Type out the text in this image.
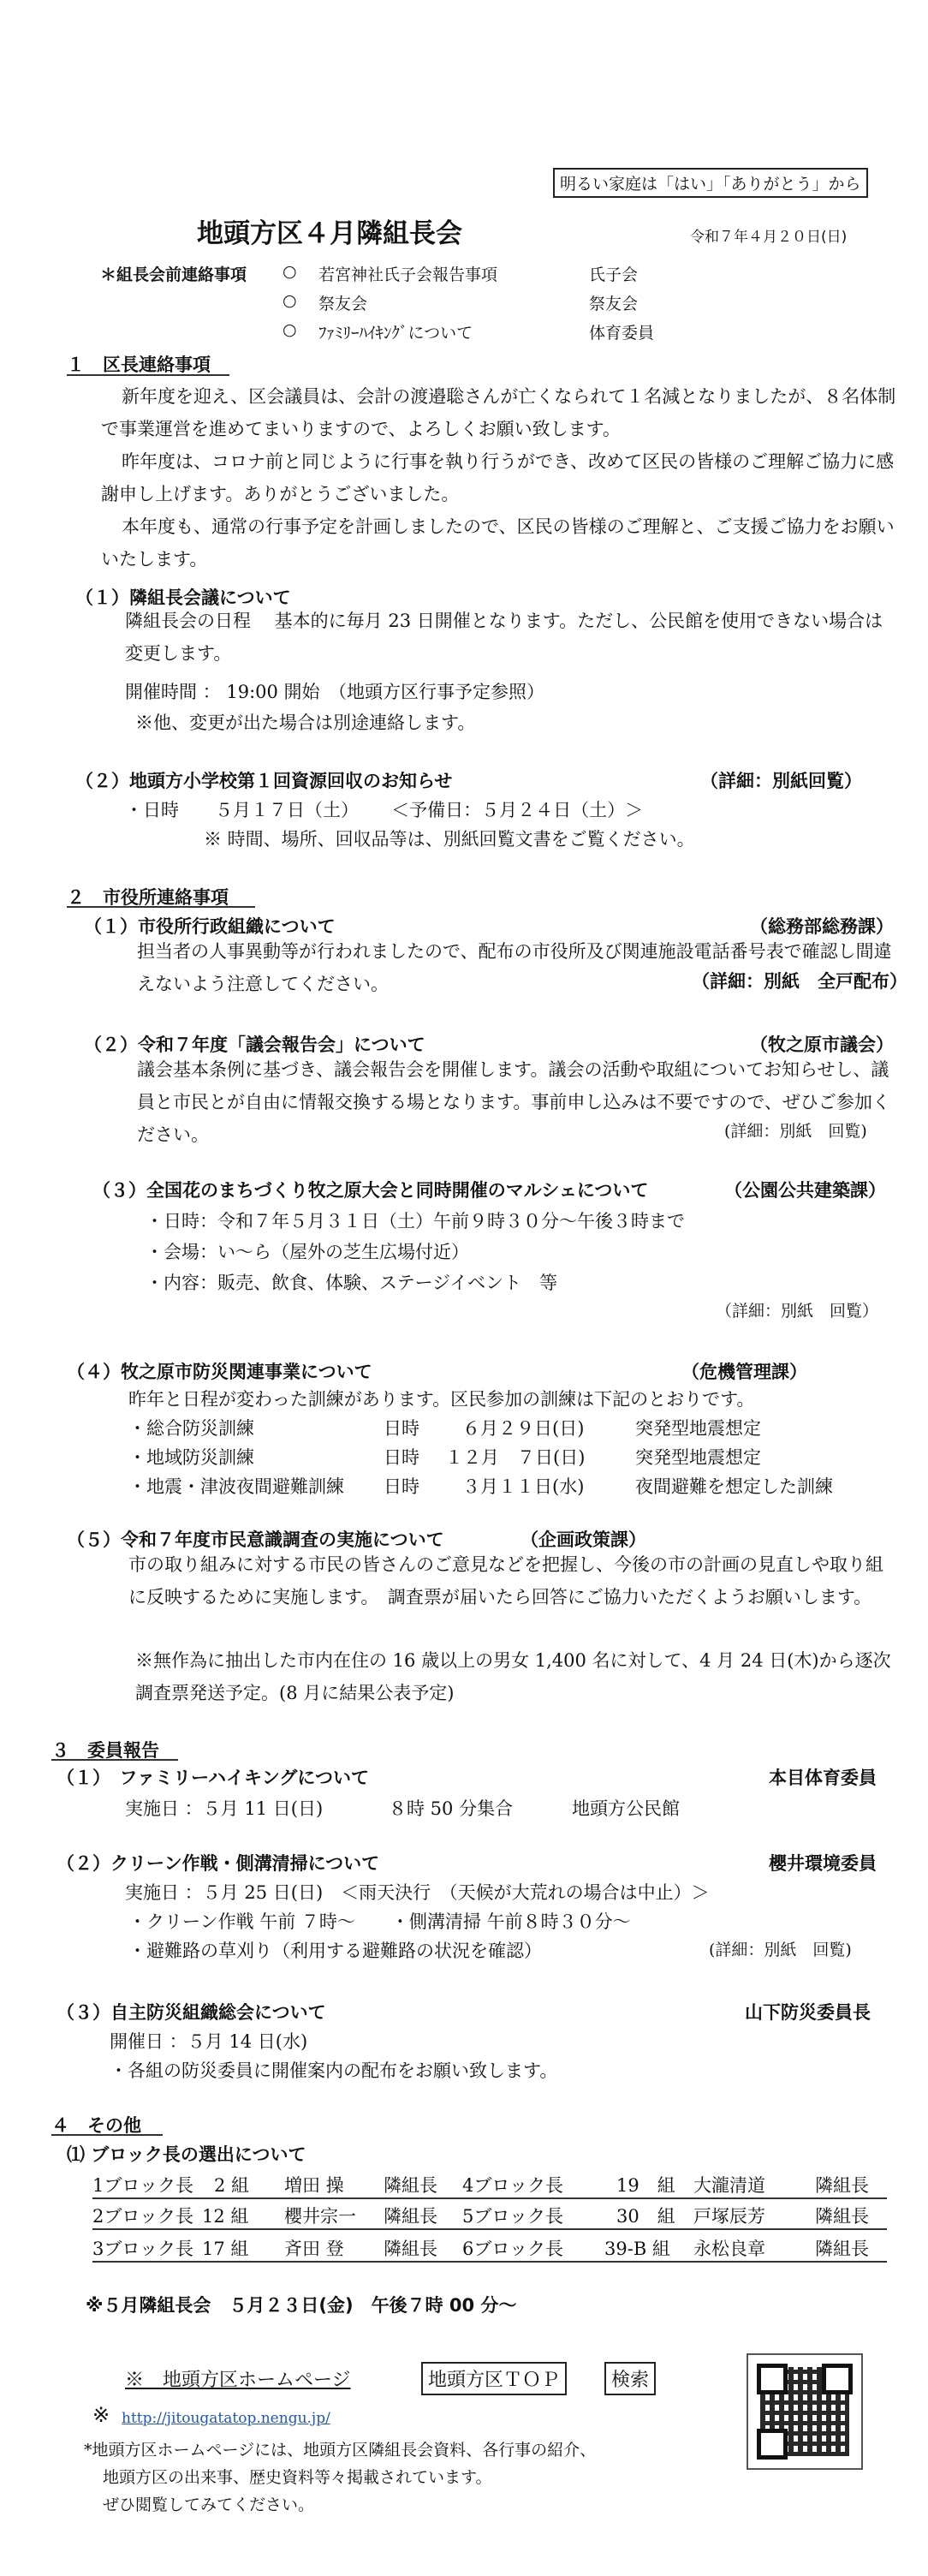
明るい家庭は「はい」「ありがとう」から
地頭方区４月隣組長会	令和７年４月２０日(日)
＊組長会前連絡事項 ○ 若宮神社氏子会報告事項	氏子会
○ 祭友会	祭友会
○ ﾌｧﾐﾘｰﾊｲｷﾝｸﾞについて	体育委員
１　区長連絡事項
新年度を迎え、区会議員は、会計の渡邉聡さんが亡くなられて１名減となりましたが、８名体制で事業運営を進めてまいりますので、よろしくお願い致します。
昨年度は、コロナ前と同じように行事を執り行うができ、改めて区民の皆様のご理解ご協力に感謝申し上げます。ありがとうございました。
本年度も、通常の行事予定を計画しましたので、区民の皆様のご理解と、ご支援ご協力をお願いいたします。
（１）隣組長会議について
隣組長会の日程　 基本的に毎月 23 日開催となります。ただし、公民館を使用できない場合は変更します。
開催時間 ： 19:00 開始　（地頭方区行事予定参照）
※他、変更が出た場合は別途連絡します。
（２）地頭方小学校第１回資源回収のお知らせ	（詳細：別紙回覧）
・日時　　５月１７日（土）　　 ＜予備日：５月２４日（土）＞
※ 時間、場所、回収品等は、別紙回覧文書をご覧ください。
２　市役所連絡事項
（１）市役所行政組織について	（総務部総務課）
担当者の人事異動等が行われましたので、配布の市役所及び関連施設電話番号表で確認し間違えないよう注意してください。	（詳細：別紙　全戸配布）
（２）令和７年度「議会報告会」について	（牧之原市議会）
議会基本条例に基づき、議会報告会を開催します。議会の活動や取組についてお知らせし、議員と市民とが自由に情報交換する場となります。事前申し込みは不要ですので、ぜひご参加ください。	(詳細：別紙　回覧)
（３）全国花のまちづくり牧之原大会と同時開催のマルシェについて	（公園公共建築課）
・日時：令和７年５月３１日（土）午前９時３０分～午後３時まで
・会場：い～ら（屋外の芝生広場付近）
・内容：販売、飲食、体験、ステージイベント　等
（詳細：別紙　回覧）
（４）牧之原市防災関連事業について	（危機管理課）
昨年と日程が変わった訓練があります。区民参加の訓練は下記のとおりです。
・総合防災訓練	日時 ６月２９日(日)	突発型地震想定
・地域防災訓練	日時 １２月　７日(日)	突発型地震想定
・地震・津波夜間避難訓練 日時 ３月１１日(水)	夜間避難を想定した訓練
（５）令和７年度市民意識調査の実施について	（企画政策課）
市の取り組みに対する市民の皆さんのご意見などを把握し、今後の市の計画の見直しや取り組に反映するために実施します。　調査票が届いたら回答にご協力いただくようお願いします。
※無作為に抽出した市内在住の 16 歳以上の男女 1,400 名に対して、4 月 24 日(木)から逐次調査票発送予定。(8 月に結果公表予定)
３　委員報告
（１）　ファミリーハイキングについて	本目体育委員
実施日 ：５月 11 日(日)	８時 50 分集合	地頭方公民館
（２）クリーン作戦・側溝清掃について	櫻井環境委員
実施日 ：５月 25 日(日)　＜雨天決行　（天候が大荒れの場合は中止）＞
・クリーン作戦 午前 ７時～　　・側溝清掃 午前８時３０分～
・避難路の草刈り（利用する避難路の状況を確認）	(詳細：別紙　回覧)
（３）自主防災組織総会について	山下防災委員長
開催日 ：５月 14 日(水)
・各組の防災委員に開催案内の配布をお願い致します。
４　その他
⑴ ブロック長の選出について
1ブロック長 2 組 増田 操 隣組長 4ブロック長	19　組 大瀧清道	隣組長
2ブロック長 12 組 櫻井宗一 隣組長 5ブロック長	30　組 戸塚辰芳	隣組長
3ブロック長 17 組 斉田 登 隣組長 6ブロック長 39-B 組 永松良章	隣組長
※５月隣組長会　５月２３日(金)　午後７時 00 分～
※　地頭方区ホームページ	地頭方区ＴＯＰ	検索
※ http://jitougatatop.nengu.jp/
*地頭方区ホームページには、地頭方区隣組長会資料、各行事の紹介、
地頭方区の出来事、歴史資料等々掲載されています。
ぜひ閲覧してみてください。
